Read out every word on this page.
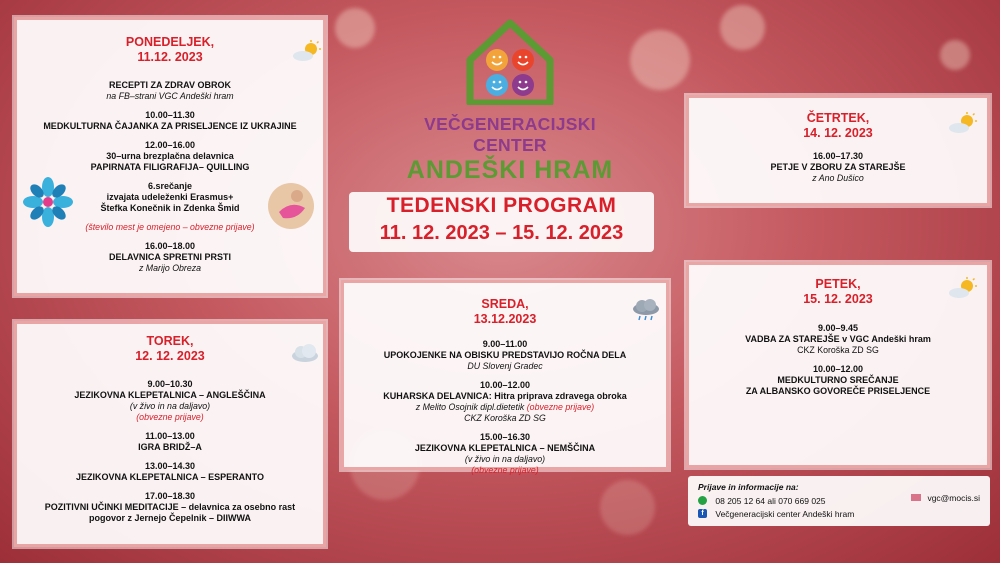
VEČGENERACIJSKI CENTER
ANDEŠKI HRAM
TEDENSKI PROGRAM
11. 12. 2023 – 15. 12. 2023
PONEDELJEK,
11.12. 2023
RECEPTI ZA ZDRAV OBROK
na FB–strani VGC Andeški hram
10.00–11.30
MEDKULTURNA ČAJANKA ZA PRISELJENCE IZ UKRAJINE
12.00–16.00
30–urna brezplačna delavnica
PAPIRNATA FILIGRAFIJA– QUILLING
6.srečanje
izvajata udeleženki Erasmus+
Štefka Konečnik in Zdenka Šmid
(število mest je omejeno – obvezne prijave)
16.00–18.00
DELAVNICA SPRETNI PRSTI
z Marijo Obreza
TOREK,
12. 12. 2023
9.00–10.30
JEZIKOVNA KLEPETALNICA – ANGLEŠČINA
(v živo in na daljavo)
(obvezne prijave)
11.00–13.00
IGRA BRIDŽ–A
13.00–14.30
JEZIKOVNA KLEPETALNICA – ESPERANTO
17.00–18.30
POZITIVNI UČINKI MEDITACIJE – delavnica za osebno rast
pogovor z Jernejo Čepelnik – DIIWWA
SREDA,
13.12.2023
9.00–11.00
UPOKOJENKE NA OBISKU PREDSTAVIJO ROČNA DELA
DU Slovenj Gradec
10.00–12.00
KUHARSKA DELAVNICA: Hitra priprava zdravega obroka
z Melito Osojnik dipl.dietetik (obvezne prijave)
CKZ Koroška ZD SG
15.00–16.30
JEZIKOVNA KLEPETALNICA – NEMŠČINA
(v živo in na daljavo)
(obvezne prijave)
ČETRTEK,
14. 12. 2023
16.00–17.30
PETJE V ZBORU ZA STAREJŠE
z Ano Dušico
PETEK,
15. 12. 2023
9.00–9.45
VADBA ZA STAREJŠE v VGC Andeški hram
CKZ Koroška ZD SG
10.00–12.00
MEDKULTURNO SREČANJE
ZA ALBANSKO GOVOREČE PRISELJENCE
Prijave in informacije na:
08 205 12 64 ali 070 669 025
f Večgeneracijski center Andeški hram
vgc@mocis.si
